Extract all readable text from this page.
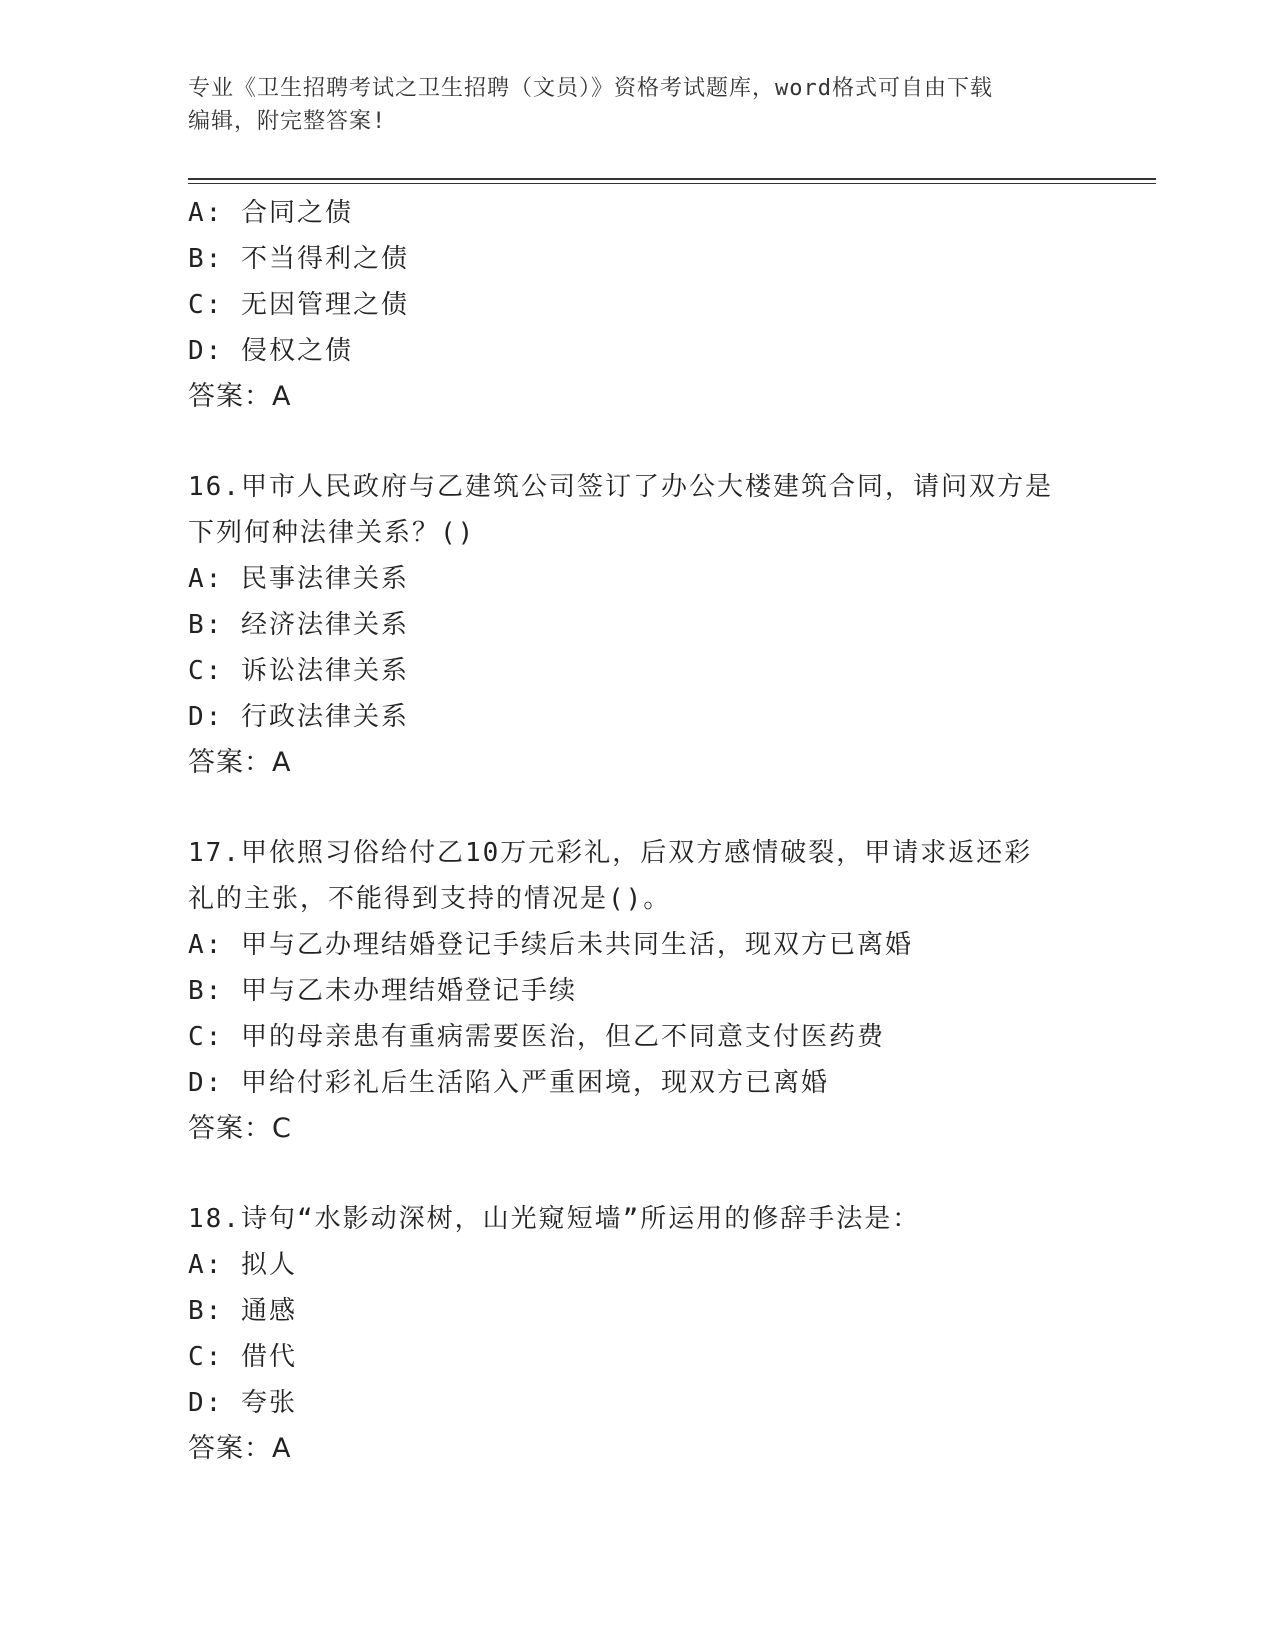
专业《卫生招聘考试之卫生招聘（文员）》资格考试题库，word格式可自由下载
编辑，附完整答案!
A: 合同之债
B: 不当得利之债
C: 无因管理之债
D: 侵权之债
答案：A
16.甲市人民政府与乙建筑公司签订了办公大楼建筑合同，请问双方是
下列何种法律关系？()
A: 民事法律关系
B: 经济法律关系
C: 诉讼法律关系
D: 行政法律关系
答案：A
17.甲依照习俗给付乙10万元彩礼，后双方感情破裂，甲请求返还彩
礼的主张，不能得到支持的情况是()。
A: 甲与乙办理结婚登记手续后未共同生活，现双方已离婚
B: 甲与乙未办理结婚登记手续
C: 甲的母亲患有重病需要医治，但乙不同意支付医药费
D: 甲给付彩礼后生活陷入严重困境，现双方已离婚
答案：C
18.诗句“水影动深树，山光窥短墙”所运用的修辞手法是：
A: 拟人
B: 通感
C: 借代
D: 夸张
答案：A
